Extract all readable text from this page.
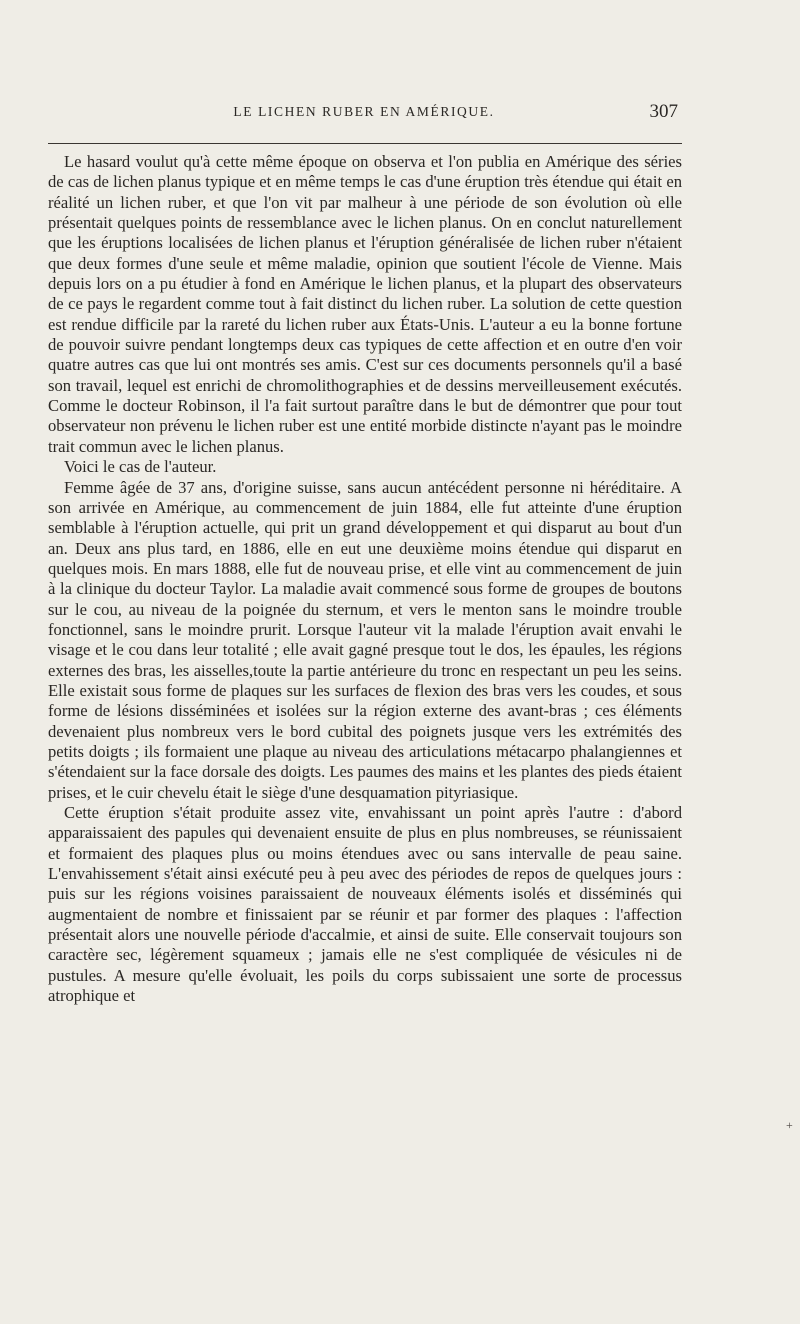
LE LICHEN RUBER EN AMÉRIQUE.	307

Le hasard voulut qu'à cette même époque on observa et l'on publia en Amérique des séries de cas de lichen planus typique et en même temps le cas d'une éruption très étendue qui était en réalité un lichen ruber, et que l'on vit par malheur à une période de son évolution où elle présentait quelques points de ressemblance avec le lichen planus. On en conclut naturellement que les éruptions localisées de lichen planus et l'éruption généralisée de lichen ruber n'étaient que deux formes d'une seule et même maladie, opinion que soutient l'école de Vienne. Mais depuis lors on a pu étudier à fond en Amérique le lichen planus, et la plupart des observateurs de ce pays le regardent comme tout à fait distinct du lichen ruber. La solution de cette question est rendue difficile par la rareté du lichen ruber aux États-Unis. L'auteur a eu la bonne fortune de pouvoir suivre pendant longtemps deux cas typiques de cette affection et en outre d'en voir quatre autres cas que lui ont montrés ses amis. C'est sur ces documents personnels qu'il a basé son travail, lequel est enrichi de chromolithographies et de dessins merveilleusement exécutés. Comme le docteur Robinson, il l'a fait surtout paraître dans le but de démontrer que pour tout observateur non prévenu le lichen ruber est une entité morbide distincte n'ayant pas le moindre trait commun avec le lichen planus.

Voici le cas de l'auteur.

Femme âgée de 37 ans, d'origine suisse, sans aucun antécédent personne ni héréditaire. A son arrivée en Amérique, au commencement de juin 1884, elle fut atteinte d'une éruption semblable à l'éruption actuelle, qui prit un grand développement et qui disparut au bout d'un an. Deux ans plus tard, en 1886, elle en eut une deuxième moins étendue qui disparut en quelques mois. En mars 1888, elle fut de nouveau prise, et elle vint au commencement de juin à la clinique du docteur Taylor. La maladie avait commencé sous forme de groupes de boutons sur le cou, au niveau de la poignée du sternum, et vers le menton sans le moindre trouble fonctionnel, sans le moindre prurit. Lorsque l'auteur vit la malade l'éruption avait envahi le visage et le cou dans leur totalité ; elle avait gagné presque tout le dos, les épaules, les régions externes des bras, les aisselles,toute la partie antérieure du tronc en respectant un peu les seins. Elle existait sous forme de plaques sur les surfaces de flexion des bras vers les coudes, et sous forme de lésions disséminées et isolées sur la région externe des avant-bras ; ces éléments devenaient plus nombreux vers le bord cubital des poignets jusque vers les extrémités des petits doigts ; ils formaient une plaque au niveau des articulations métacarpo phalangiennes et s'étendaient sur la face dorsale des doigts. Les paumes des mains et les plantes des pieds étaient prises, et le cuir chevelu était le siège d'une desquamation pityriasique.

Cette éruption s'était produite assez vite, envahissant un point après l'autre : d'abord apparaissaient des papules qui devenaient ensuite de plus en plus nombreuses, se réunissaient et formaient des plaques plus ou moins étendues avec ou sans intervalle de peau saine. L'envahissement s'était ainsi exécuté peu à peu avec des périodes de repos de quelques jours : puis sur les régions voisines paraissaient de nouveaux éléments isolés et disséminés qui augmentaient de nombre et finissaient par se réunir et par former des plaques : l'affection présentait alors une nouvelle période d'accalmie, et ainsi de suite. Elle conservait toujours son caractère sec, légèrement squameux ; jamais elle ne s'est compliquée de vésicules ni de pustules. A mesure qu'elle évoluait, les poils du corps subissaient une sorte de processus atrophique et

+
